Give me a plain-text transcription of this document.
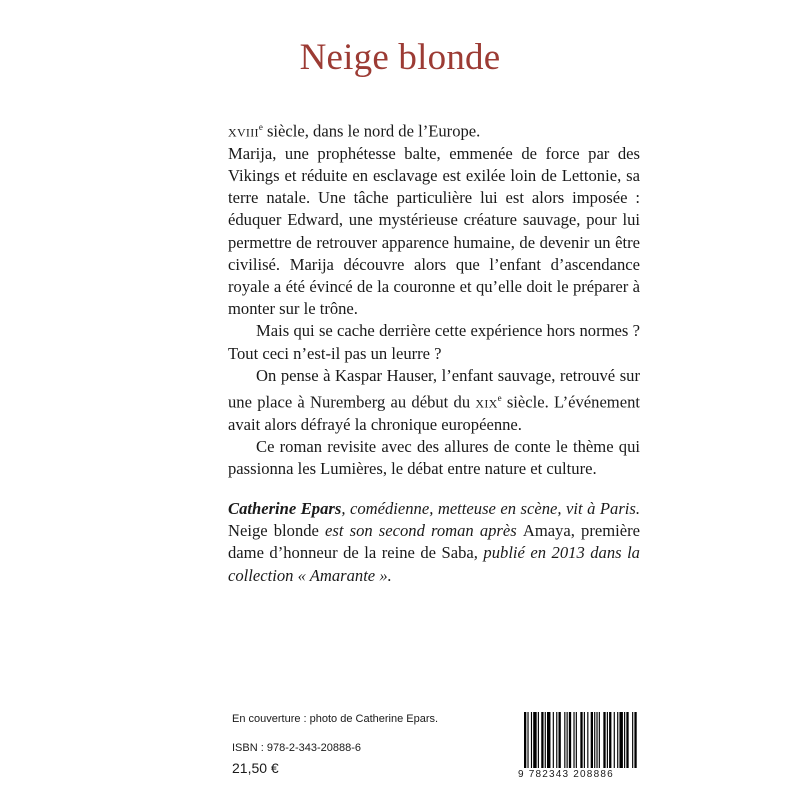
Neige blonde

xviii$^e$ siècle, dans le nord de l’Europe.

Marija, une prophétesse balte, emmenée de force par des Vikings et réduite en esclavage est exilée loin de Lettonie, sa terre natale. Une tâche particulière lui est alors imposée : éduquer Edward, une mystérieuse créature sauvage, pour lui permettre de retrouver apparence humaine, de devenir un être civilisé. Marija découvre alors que l’enfant d’ascendance royale a été évincé de la couronne et qu’elle doit le préparer à monter sur le trône.

Mais qui se cache derrière cette expérience hors normes ? Tout ceci n’est-il pas un leurre ?

On pense à Kaspar Hauser, l’enfant sauvage, retrouvé sur une place à Nuremberg au début du xix$^e$ siècle. L’événement avait alors défrayé la chronique européenne.

Ce roman revisite avec des allures de conte le thème qui passionna les Lumières, le débat entre nature et culture.

Catherine Epars, comédienne, metteuse en scène, vit à Paris. Neige blonde est son second roman après Amaya, première dame d’honneur de la reine de Saba, publié en 2013 dans la collection « Amarante ».

En couverture : photo de Catherine Epars.
ISBN : 978-2-343-20888-6
21,50 €	9 782343 208886
